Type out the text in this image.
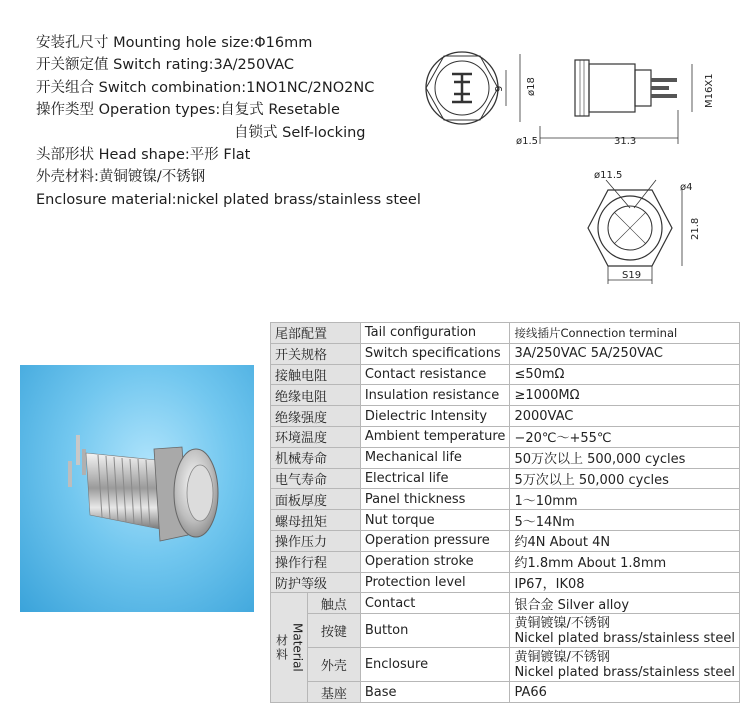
安装孔尺寸 Mounting hole size:Φ16mm
开关额定值 Switch rating:3A/250VAC
开关组合 Switch combination:1NO1NC/2NO2NC
操作类型 Operation types:自复式 Resetable
自锁式 Self-locking
头部形状 Head shape:平形 Flat
外壳材料:黄铜镀镍/不锈钢
Enclosure material:nickel plated brass/stainless steel
9 ø18	M16X1
ø1.5	31.3
ø11.5
ø4
21.8
S19
尾部配置		Tail configuration	接线插片Connection terminal
开关规格		Switch specifications	3A/250VAC 5A/250VAC
接触电阻		Contact resistance	≤50mΩ
绝缘电阻		Insulation resistance	≥1000MΩ
绝缘强度		Dielectric Intensity	2000VAC
环境温度		Ambient temperature	−20℃～+55℃
机械寿命		Mechanical life	50万次以上 500,000 cycles
电气寿命		Electrical life	5万次以上 50,000 cycles
面板厚度		Panel thickness	1～10mm
螺母扭矩		Nut torque	5～14Nm
操作压力		Operation pressure	约4N About 4N
操作行程		Operation stroke	约1.8mm About 1.8mm
防护等级		Protection level	IP67，IK08

材料 Material	触点	Contact	银合金 Silver alloy
	按键	Button	黄铜镀镍/不锈钢
Nickel plated brass/stainless steel

	外壳	Enclosure	黄铜镀镍/不锈钢
Nickel plated brass/stainless steel

	基座	Base	PA66
